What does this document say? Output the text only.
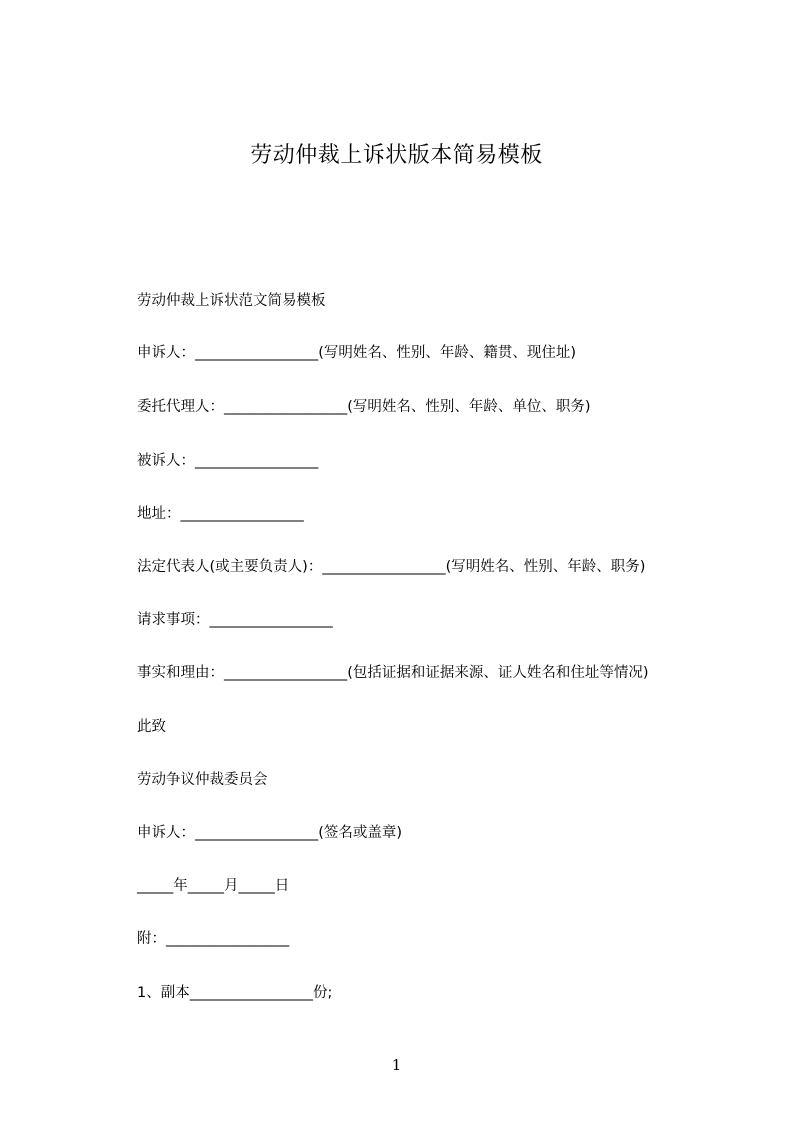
劳动仲裁上诉状版本简易模板
劳动仲裁上诉状范文简易模板
申诉人：_________________(写明姓名、性别、年龄、籍贯、现住址)
委托代理人：_________________(写明姓名、性别、年龄、单位、职务)
被诉人：_________________
地址：_________________
法定代表人(或主要负责人)：_________________(写明姓名、性别、年龄、职务)
请求事项：_________________
事实和理由：_________________(包括证据和证据来源、证人姓名和住址等情况)
此致
劳动争议仲裁委员会
申诉人：_________________(签名或盖章)
_____年_____月_____日
附：_________________
1、副本_________________份;
1
